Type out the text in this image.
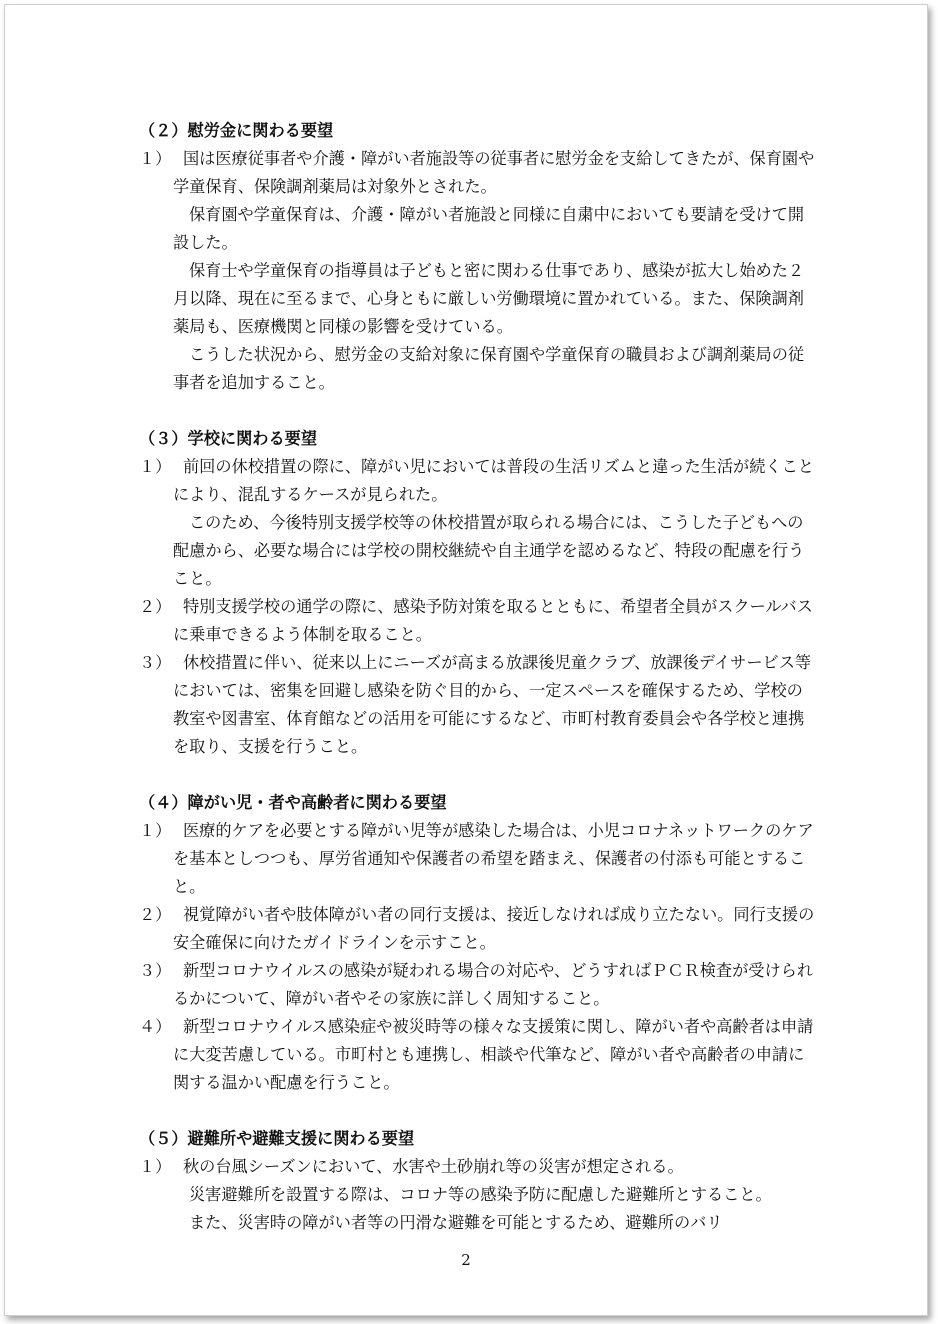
（２）慰労金に関わる要望
１） 国は医療従事者や介護・障がい者施設等の従事者に慰労金を支給してきたが、保育園や学童保育、保険調剤薬局は対象外とされた。
保育園や学童保育は、介護・障がい者施設と同様に自粛中においても要請を受けて開設した。
保育士や学童保育の指導員は子どもと密に関わる仕事であり、感染が拡大し始めた２月以降、現在に至るまで、心身ともに厳しい労働環境に置かれている。また、保険調剤薬局も、医療機関と同様の影響を受けている。
こうした状況から、慰労金の支給対象に保育園や学童保育の職員および調剤薬局の従事者を追加すること。
（３）学校に関わる要望
１） 前回の休校措置の際に、障がい児においては普段の生活リズムと違った生活が続くことにより、混乱するケースが見られた。
このため、今後特別支援学校等の休校措置が取られる場合には、こうした子どもへの配慮から、必要な場合には学校の開校継続や自主通学を認めるなど、特段の配慮を行うこと。
２） 特別支援学校の通学の際に、感染予防対策を取るとともに、希望者全員がスクールバスに乗車できるよう体制を取ること。
３） 休校措置に伴い、従来以上にニーズが高まる放課後児童クラブ、放課後デイサービス等においては、密集を回避し感染を防ぐ目的から、一定スペースを確保するため、学校の教室や図書室、体育館などの活用を可能にするなど、市町村教育委員会や各学校と連携を取り、支援を行うこと。
（４）障がい児・者や高齢者に関わる要望
１） 医療的ケアを必要とする障がい児等が感染した場合は、小児コロナネットワークのケアを基本としつつも、厚労省通知や保護者の希望を踏まえ、保護者の付添も可能とすること。
２） 視覚障がい者や肢体障がい者の同行支援は、接近しなければ成り立たない。同行支援の安全確保に向けたガイドラインを示すこと。
３） 新型コロナウイルスの感染が疑われる場合の対応や、どうすればＰＣＲ検査が受けられるかについて、障がい者やその家族に詳しく周知すること。
４） 新型コロナウイルス感染症や被災時等の様々な支援策に関し、障がい者や高齢者は申請に大変苦慮している。市町村とも連携し、相談や代筆など、障がい者や高齢者の申請に関する温かい配慮を行うこと。
（５）避難所や避難支援に関わる要望
１） 秋の台風シーズンにおいて、水害や土砂崩れ等の災害が想定される。
災害避難所を設置する際は、コロナ等の感染予防に配慮した避難所とすること。
また、災害時の障がい者等の円滑な避難を可能とするため、避難所のバリ
2
